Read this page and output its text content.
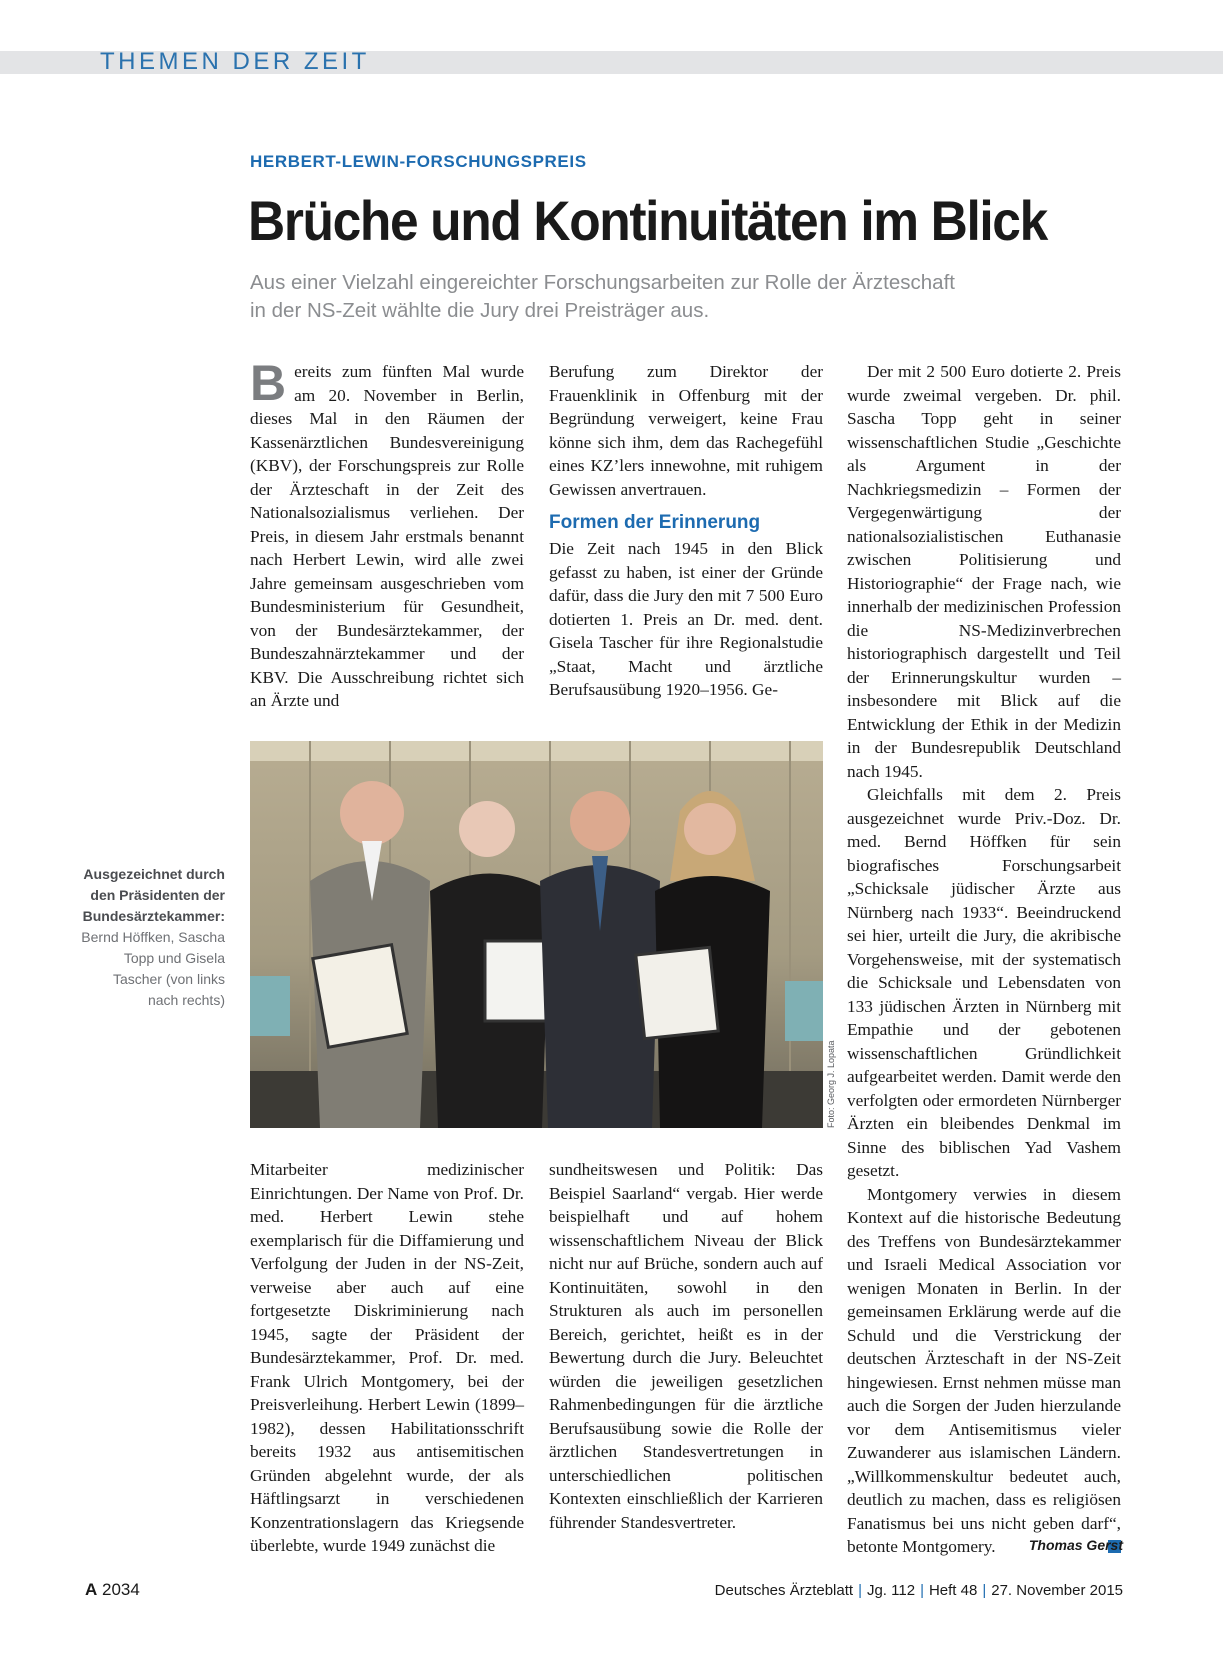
THEMEN DER ZEIT
HERBERT-LEWIN-FORSCHUNGSPREIS
Brüche und Kontinuitäten im Blick

Aus einer Vielzahl eingereichter Forschungsarbeiten zur Rolle der Ärzteschaft in der NS-Zeit wählte die Jury drei Preisträger aus.

Bereits zum fünften Mal wurde am 20. November in Berlin, dieses Mal in den Räumen der Kassenärztlichen Bundesvereinigung (KBV), der Forschungspreis zur Rolle der Ärzteschaft in der Zeit des Nationalsozialismus verliehen. Der Preis, in diesem Jahr erstmals benannt nach Herbert Lewin, wird alle zwei Jahre gemeinsam ausgeschrieben vom Bundesministerium für Gesundheit, von der Bundesärztekammer, der Bundeszahnärztekammer und der KBV. Die Ausschreibung richtet sich an Ärzte und

Berufung zum Direktor der Frauenklinik in Offenburg mit der Begründung verweigert, keine Frau könne sich ihm, dem das Rachegefühl eines KZ’lers innewohne, mit ruhigem Gewissen anvertrauen.

Formen der Erinnerung

Die Zeit nach 1945 in den Blick gefasst zu haben, ist einer der Gründe dafür, dass die Jury den mit 7 500 Euro dotierten 1. Preis an Dr. med. dent. Gisela Tascher für ihre Regionalstudie „Staat, Macht und ärztliche Berufsausübung 1920–1956. Ge-

Der mit 2 500 Euro dotierte 2. Preis wurde zweimal vergeben. Dr. phil. Sascha Topp geht in seiner wissenschaftlichen Studie „Geschichte als Argument in der Nachkriegsmedizin – Formen der Vergegenwärtigung der nationalsozialistischen Euthanasie zwischen Politisierung und Historiographie“ der Frage nach, wie innerhalb der medizinischen Profession die NS-Medizinverbrechen historiographisch dargestellt und Teil der Erinnerungskultur wurden – insbesondere mit Blick auf die Entwicklung der Ethik in der Medizin in der Bundesrepublik Deutschland nach 1945.

Gleichfalls mit dem 2. Preis ausgezeichnet wurde Priv.-Doz. Dr. med. Bernd Höffken für sein biografisches Forschungsarbeit „Schicksale jüdischer Ärzte aus Nürnberg nach 1933“. Beeindruckend sei hier, urteilt die Jury, die akribische Vorgehensweise, mit der systematisch die Schicksale und Lebensdaten von 133 jüdischen Ärzten in Nürnberg mit Empathie und der gebotenen wissenschaftlichen Gründlichkeit aufgearbeitet werden. Damit werde den verfolgten oder ermordeten Nürnberger Ärzten ein bleibendes Denkmal im Sinne des biblischen Yad Vashem gesetzt.

Montgomery verwies in diesem Kontext auf die historische Bedeutung des Treffens von Bundesärztekammer und Israeli Medical Association vor wenigen Monaten in Berlin. In der gemeinsamen Erklärung werde auf die Schuld und die Verstrickung der deutschen Ärzteschaft in der NS-Zeit hingewiesen. Ernst nehmen müsse man auch die Sorgen der Juden hierzulande vor dem Antisemitismus vieler Zuwanderer aus islamischen Ländern. „Willkommenskultur bedeutet auch, deutlich zu machen, dass es religiösen Fanatismus bei uns nicht geben darf“, betonte Montgomery.	Thomas Gerst
Ausgezeichnet durch den Präsidenten der Bundesärztekammer: Bernd Höffken, Sascha Topp und Gisela Tascher (von links nach rechts)
Foto: Georg J. Lopata

Mitarbeiter medizinischer Einrichtungen. Der Name von Prof. Dr. med. Herbert Lewin stehe exemplarisch für die Diffamierung und Verfolgung der Juden in der NS-Zeit, verweise aber auch auf eine fortgesetzte Diskriminierung nach 1945, sagte der Präsident der Bundesärztekammer, Prof. Dr. med. Frank Ulrich Montgomery, bei der Preisverleihung. Herbert Lewin (1899–1982), dessen Habilitationsschrift bereits 1932 aus antisemitischen Gründen abgelehnt wurde, der als Häftlingsarzt in verschiedenen Konzentrationslagern das Kriegsende überlebte, wurde 1949 zunächst die

sundheitswesen und Politik: Das Beispiel Saarland“ vergab. Hier werde beispielhaft und auf hohem wissenschaftlichem Niveau der Blick nicht nur auf Brüche, sondern auch auf Kontinuitäten, sowohl in den Strukturen als auch im personellen Bereich, gerichtet, heißt es in der Bewertung durch die Jury. Beleuchtet würden die jeweiligen gesetzlichen Rahmenbedingungen für die ärztliche Berufsausübung sowie die Rolle der ärztlichen Standesvertretungen in unterschiedlichen politischen Kontexten einschließlich der Karrieren führender Standesvertreter.

A 2034	Deutsches Ärzteblatt | Jg. 112 | Heft 48 | 27. November 2015
